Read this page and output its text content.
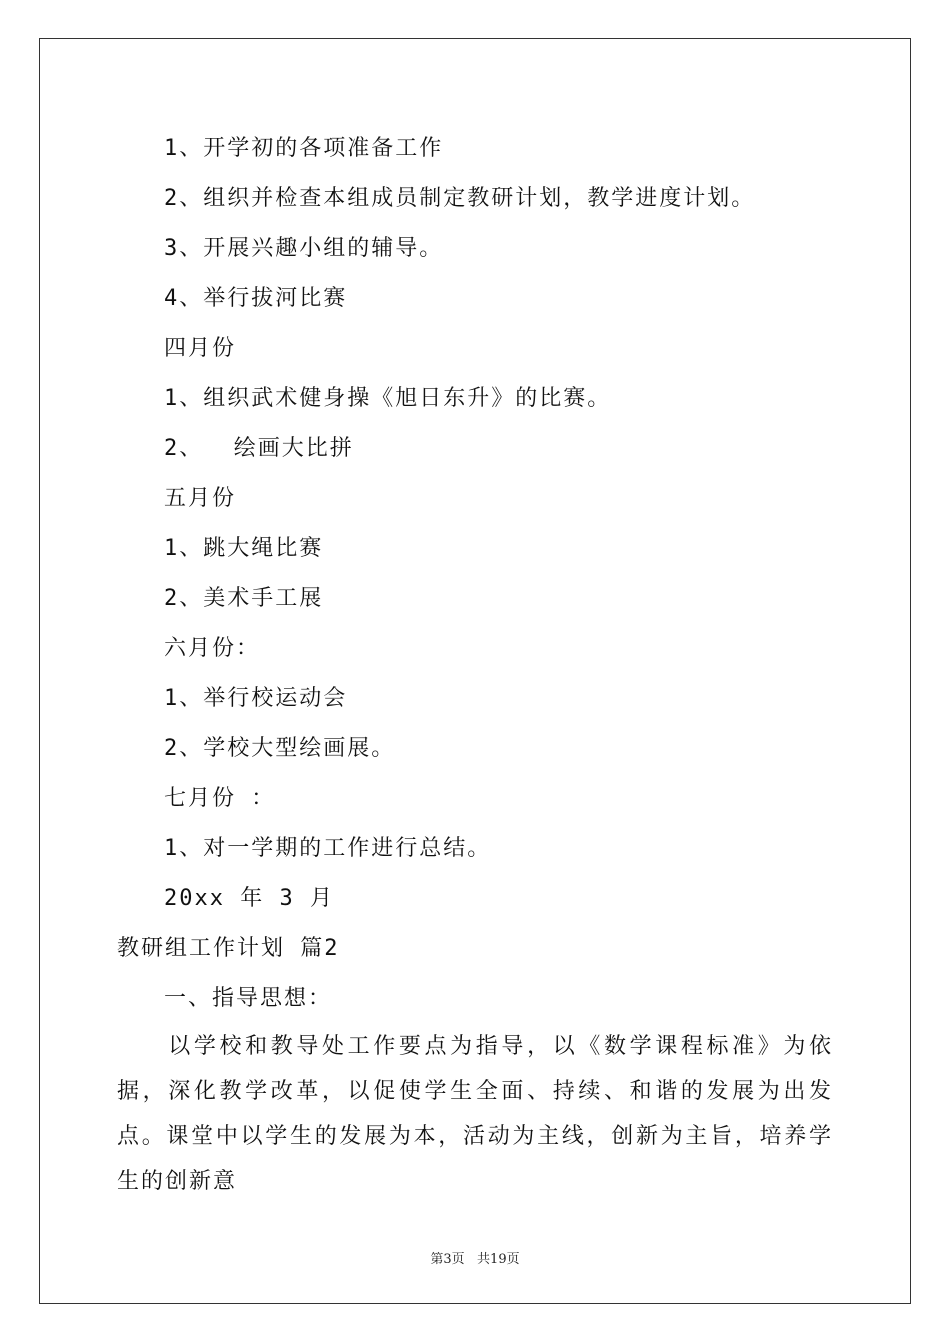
1、开学初的各项准备工作
2、组织并检查本组成员制定教研计划，教学进度计划。
3、开展兴趣小组的辅导。
4、举行拔河比赛
四月份
1、组织武术健身操《旭日东升》的比赛。
2、  绘画大比拼
五月份
1、跳大绳比赛
2、美术手工展
六月份：
1、举行校运动会
2、学校大型绘画展。
七月份 ：
1、对一学期的工作进行总结。
20xx 年 3 月
教研组工作计划 篇2
一、指导思想：
　　以学校和教导处工作要点为指导，以《数学课程标准》为依据，深化教学改革，以促使学生全面、持续、和谐的发展为出发点。课堂中以学生的发展为本，活动为主线，创新为主旨，培养学生的创新意
第3页   共19页
